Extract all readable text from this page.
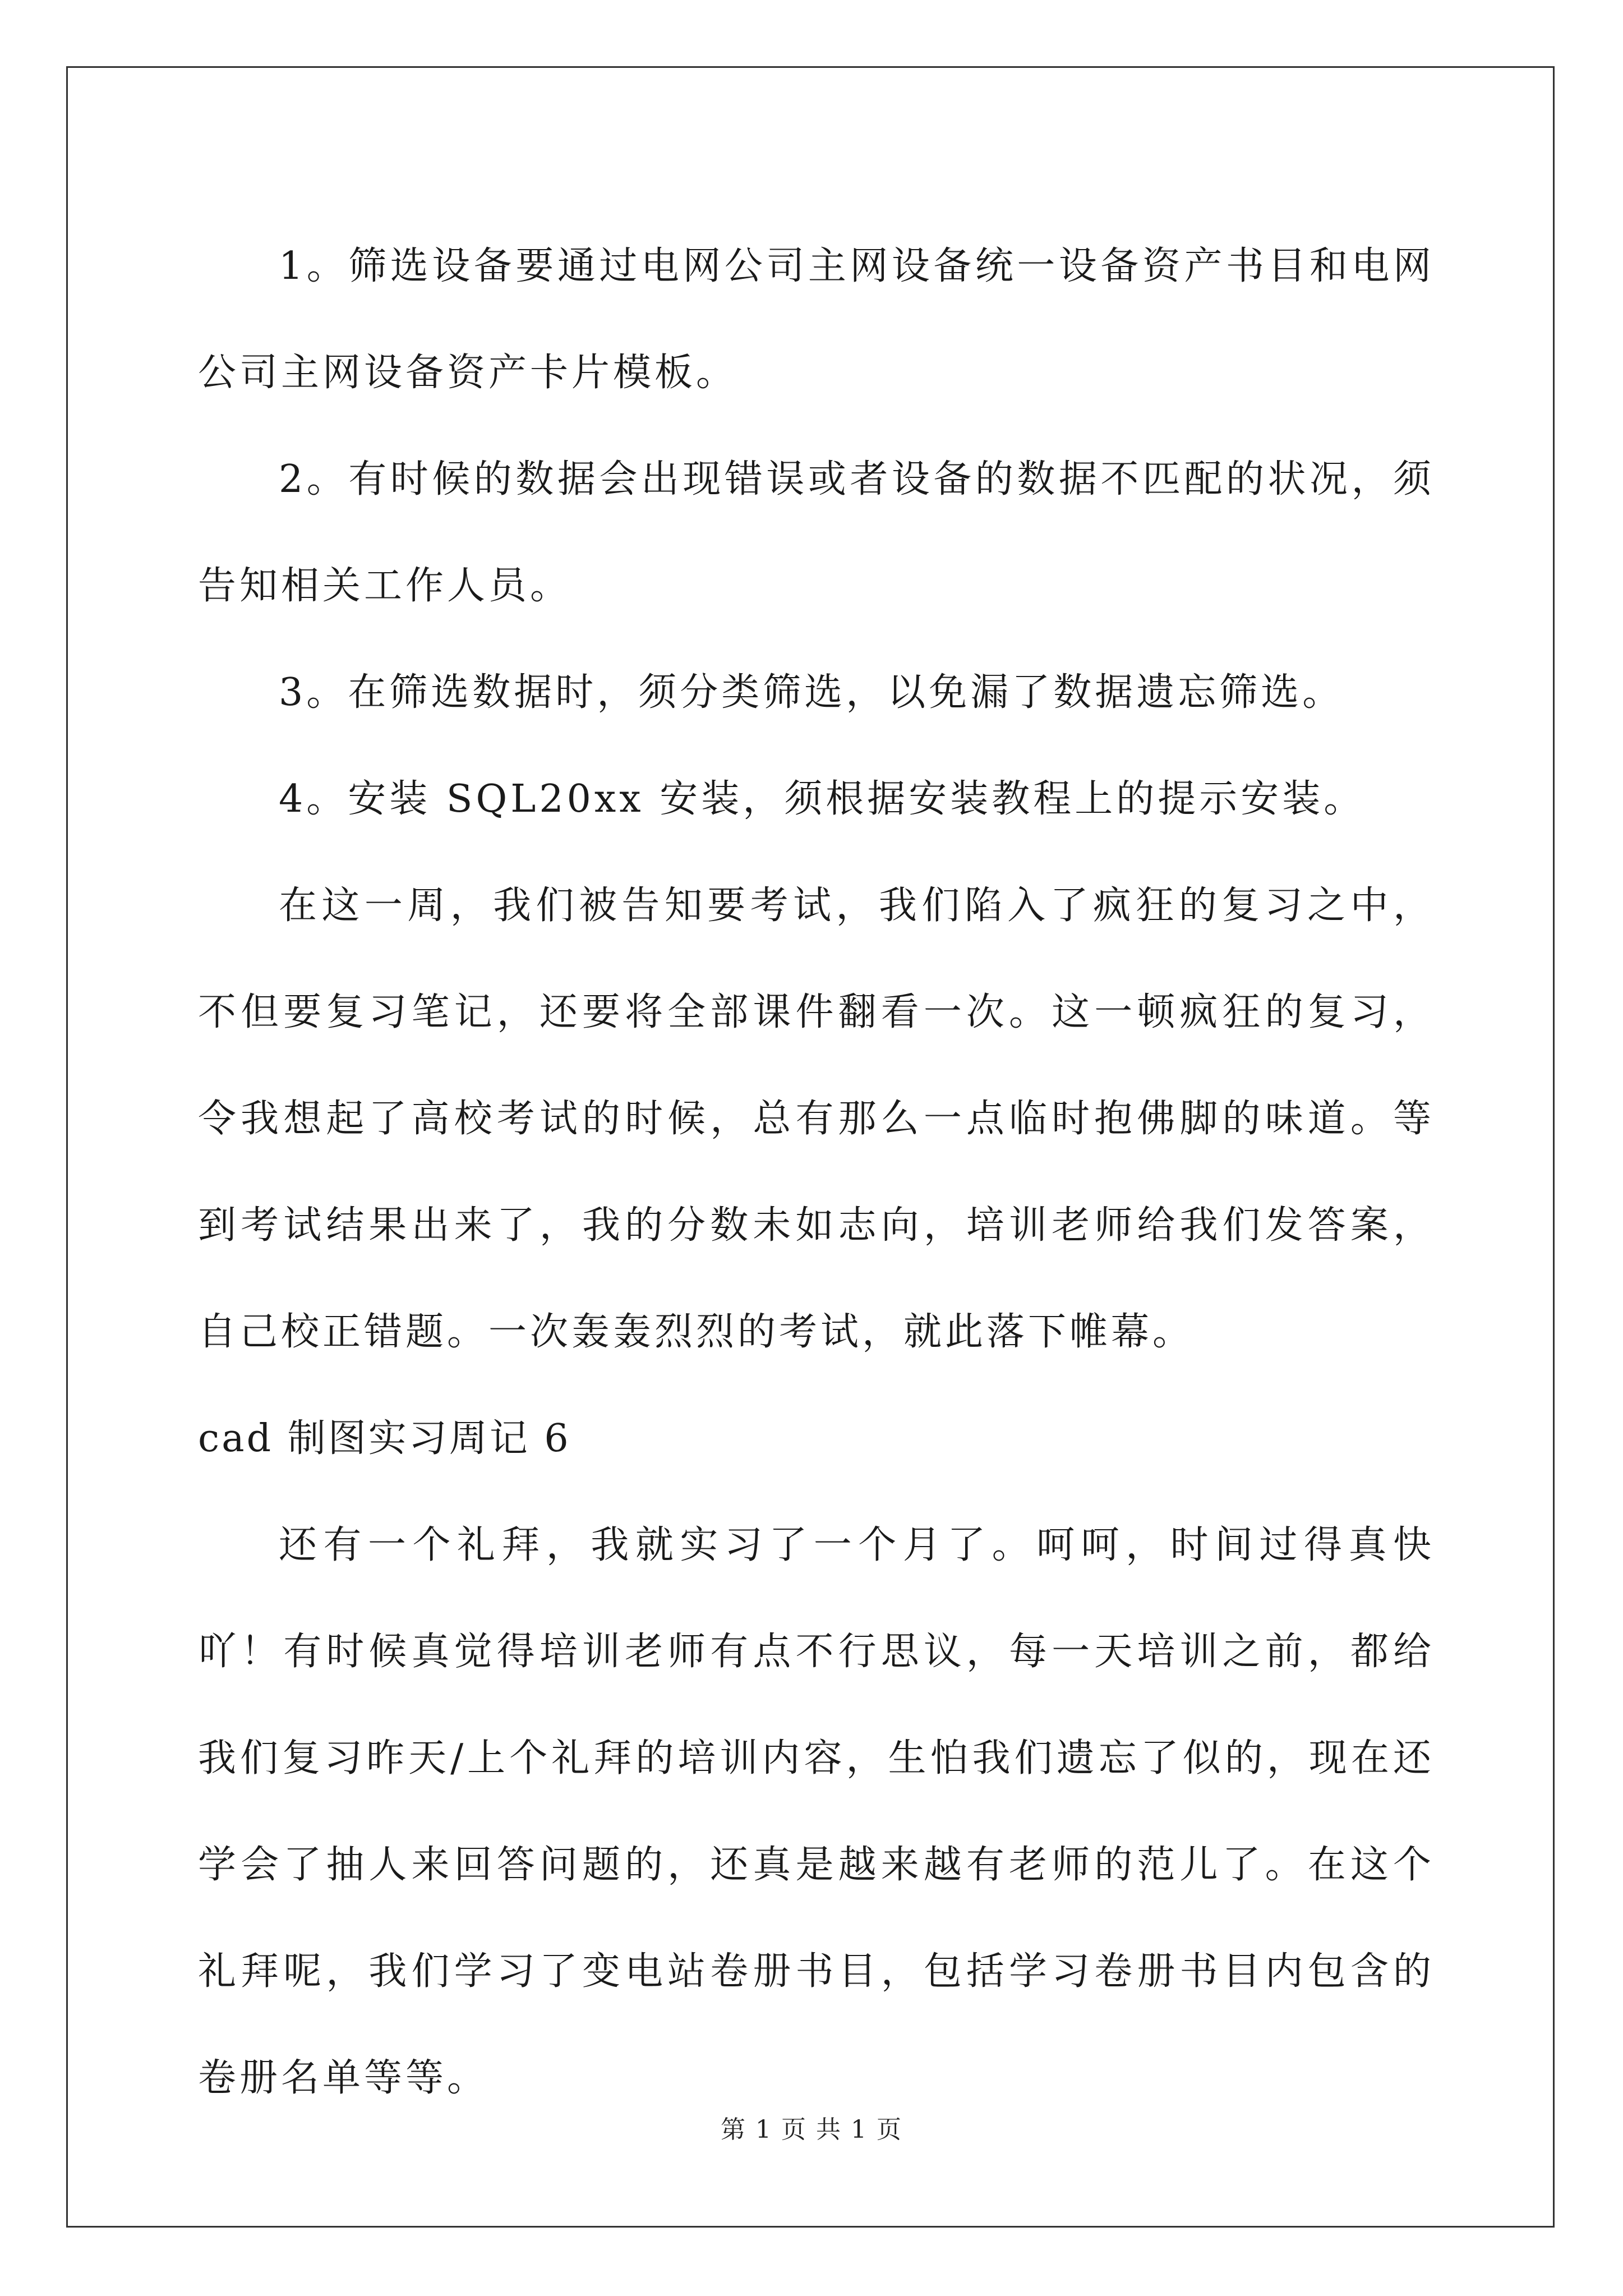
1。筛选设备要通过电网公司主网设备统一设备资产书目和电网公司主网设备资产卡片模板。

2。有时候的数据会出现错误或者设备的数据不匹配的状况，须告知相关工作人员。

3。在筛选数据时，须分类筛选，以免漏了数据遗忘筛选。

4。安装 SQL20xx 安装，须根据安装教程上的提示安装。

在这一周，我们被告知要考试，我们陷入了疯狂的复习之中，不但要复习笔记，还要将全部课件翻看一次。这一顿疯狂的复习，令我想起了高校考试的时候，总有那么一点临时抱佛脚的味道。等到考试结果出来了，我的分数未如志向，培训老师给我们发答案，自己校正错题。一次轰轰烈烈的考试，就此落下帷幕。

cad 制图实习周记 6

还有一个礼拜，我就实习了一个月了。呵呵，时间过得真快吖！有时候真觉得培训老师有点不行思议，每一天培训之前，都给我们复习昨天/上个礼拜的培训内容，生怕我们遗忘了似的，现在还学会了抽人来回答问题的，还真是越来越有老师的范儿了。在这个礼拜呢，我们学习了变电站卷册书目，包括学习卷册书目内包含的卷册名单等等。

第 1 页 共 1 页
